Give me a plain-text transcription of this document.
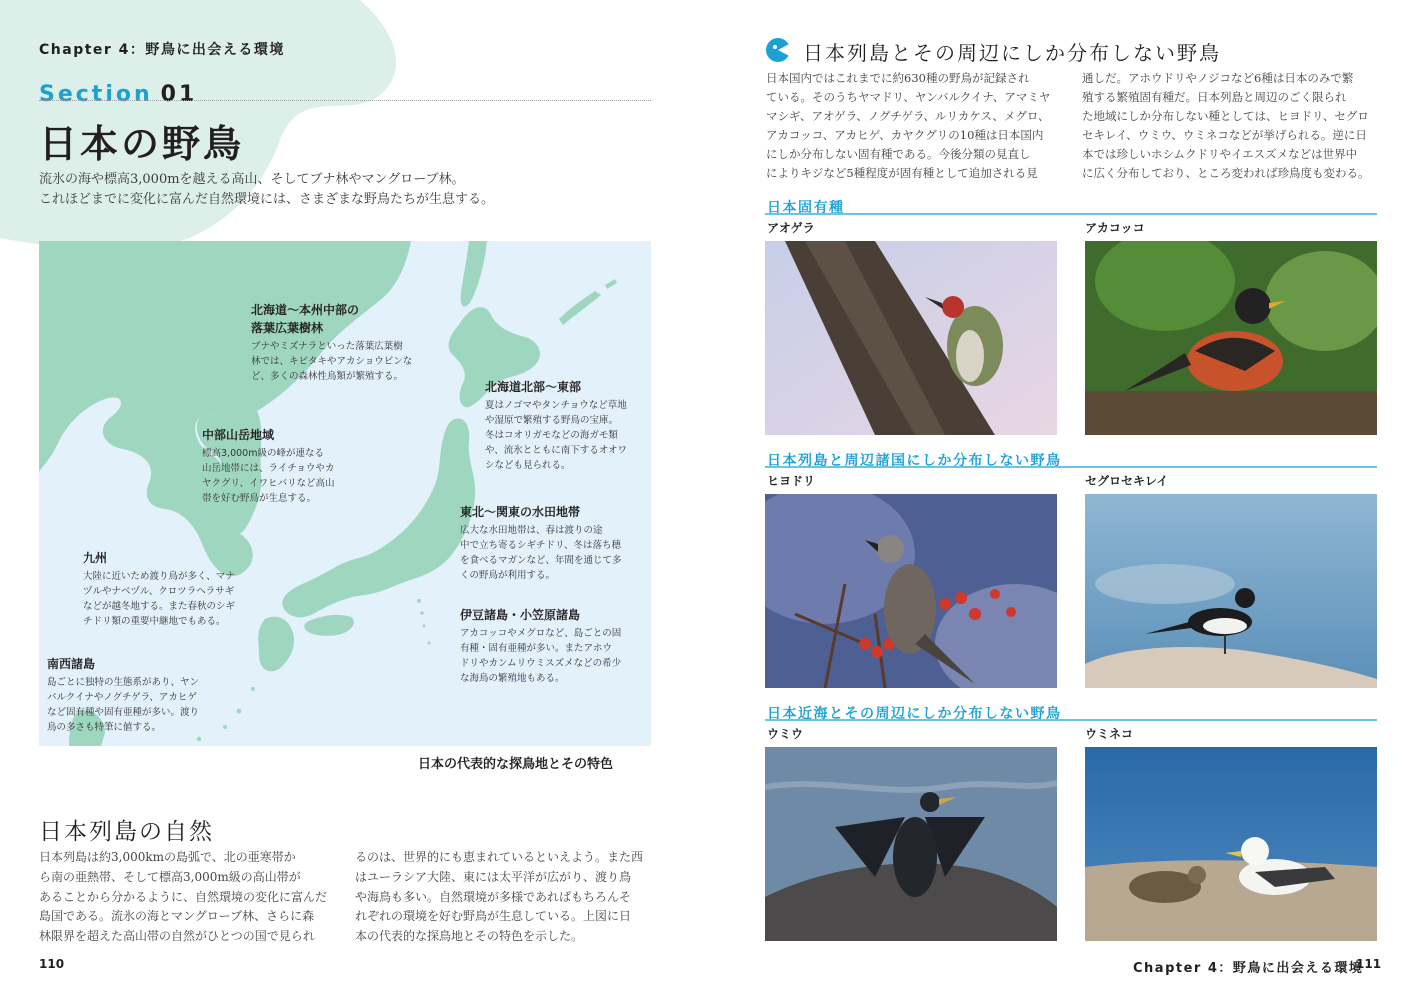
Chapter 4：野鳥に出会える環境
Section 01
日本の野鳥
流氷の海や標高3,000mを越える高山、そしてブナ林やマングローブ林。
これほどまでに変化に富んだ自然環境には、さまざまな野鳥たちが生息する。
北海道〜本州中部の
落葉広葉樹林
ブナやミズナラといった落葉広葉樹
林では、キビタキやアカショウビンな
ど、多くの森林性鳥類が繁殖する。
北海道北部〜東部
夏はノゴマやタンチョウなど草地
や湿原で繁殖する野鳥の宝庫。
冬はコオリガモなどの海ガモ類
や、流氷とともに南下するオオワ
シなども見られる。
中部山岳地域
標高3,000m級の峰が連なる
山岳地帯には、ライチョウやカ
ヤクグリ、イワヒバリなど高山
帯を好む野鳥が生息する。
東北〜関東の水田地帯
広大な水田地帯は、春は渡りの途
中で立ち寄るシギチドリ、冬は落ち穂
を食べるマガンなど、年間を通じて多
くの野鳥が利用する。
九州
大陸に近いため渡り鳥が多く、マナ
ヅルやナベヅル、クロツラヘラサギ
などが越冬地する。また春秋のシギ
チドリ類の重要中継地でもある。	伊豆諸島・小笠原諸島
アカコッコやメグロなど、島ごとの固
有種・固有亜種が多い。またアホウ
ドリやカンムリウミスズメなどの希少
な海鳥の繁殖地もある。
南西諸島
島ごとに独特の生態系があり、ヤン
バルクイナやノグチゲラ、アカヒゲ
など固有種や固有亜種が多い。渡り
鳥の多さも特筆に値する。
日本の代表的な探鳥地とその特色
日本列島の自然
日本列島は約3,000kmの島弧で、北の亜寒帯か
ら南の亜熱帯、そして標高3,000m級の高山帯が
あることから分かるように、自然環境の変化に富んだ
島国である。流氷の海とマングローブ林、さらに森
林限界を超えた高山帯の自然がひとつの国で見られ
るのは、世界的にも恵まれているといえよう。また西
はユーラシア大陸、東には太平洋が広がり、渡り鳥
や海鳥も多い。自然環境が多様であればもちろんそ
れぞれの環境を好む野鳥が生息している。上図に日
本の代表的な探鳥地とその特色を示した。
110
日本列島とその周辺にしか分布しない野鳥
日本国内ではこれまでに約630種の野鳥が記録され
ている。そのうちヤマドリ、ヤンバルクイナ、アマミヤ
マシギ、アオゲラ、ノグチゲラ、ルリカケス、メグロ、
アカコッコ、アカヒゲ、カヤクグリの10種は日本国内
にしか分布しない固有種である。今後分類の見直し
によりキジなど5種程度が固有種として追加される見
通しだ。アホウドリやノジコなど6種は日本のみで繁
殖する繁殖固有種だ。日本列島と周辺のごく限られ
た地域にしか分布しない種としては、ヒヨドリ、セグロ
セキレイ、ウミウ、ウミネコなどが挙げられる。逆に日
本では珍しいホシムクドリやイエスズメなどは世界中
に広く分布しており、ところ変われば珍鳥度も変わる。
日本固有種
アオゲラ	アカコッコ
日本列島と周辺諸国にしか分布しない野鳥
ヒヨドリ	セグロセキレイ
日本近海とその周辺にしか分布しない野鳥
ウミウ	ウミネコ
Chapter 4：野鳥に出会える環境
111
